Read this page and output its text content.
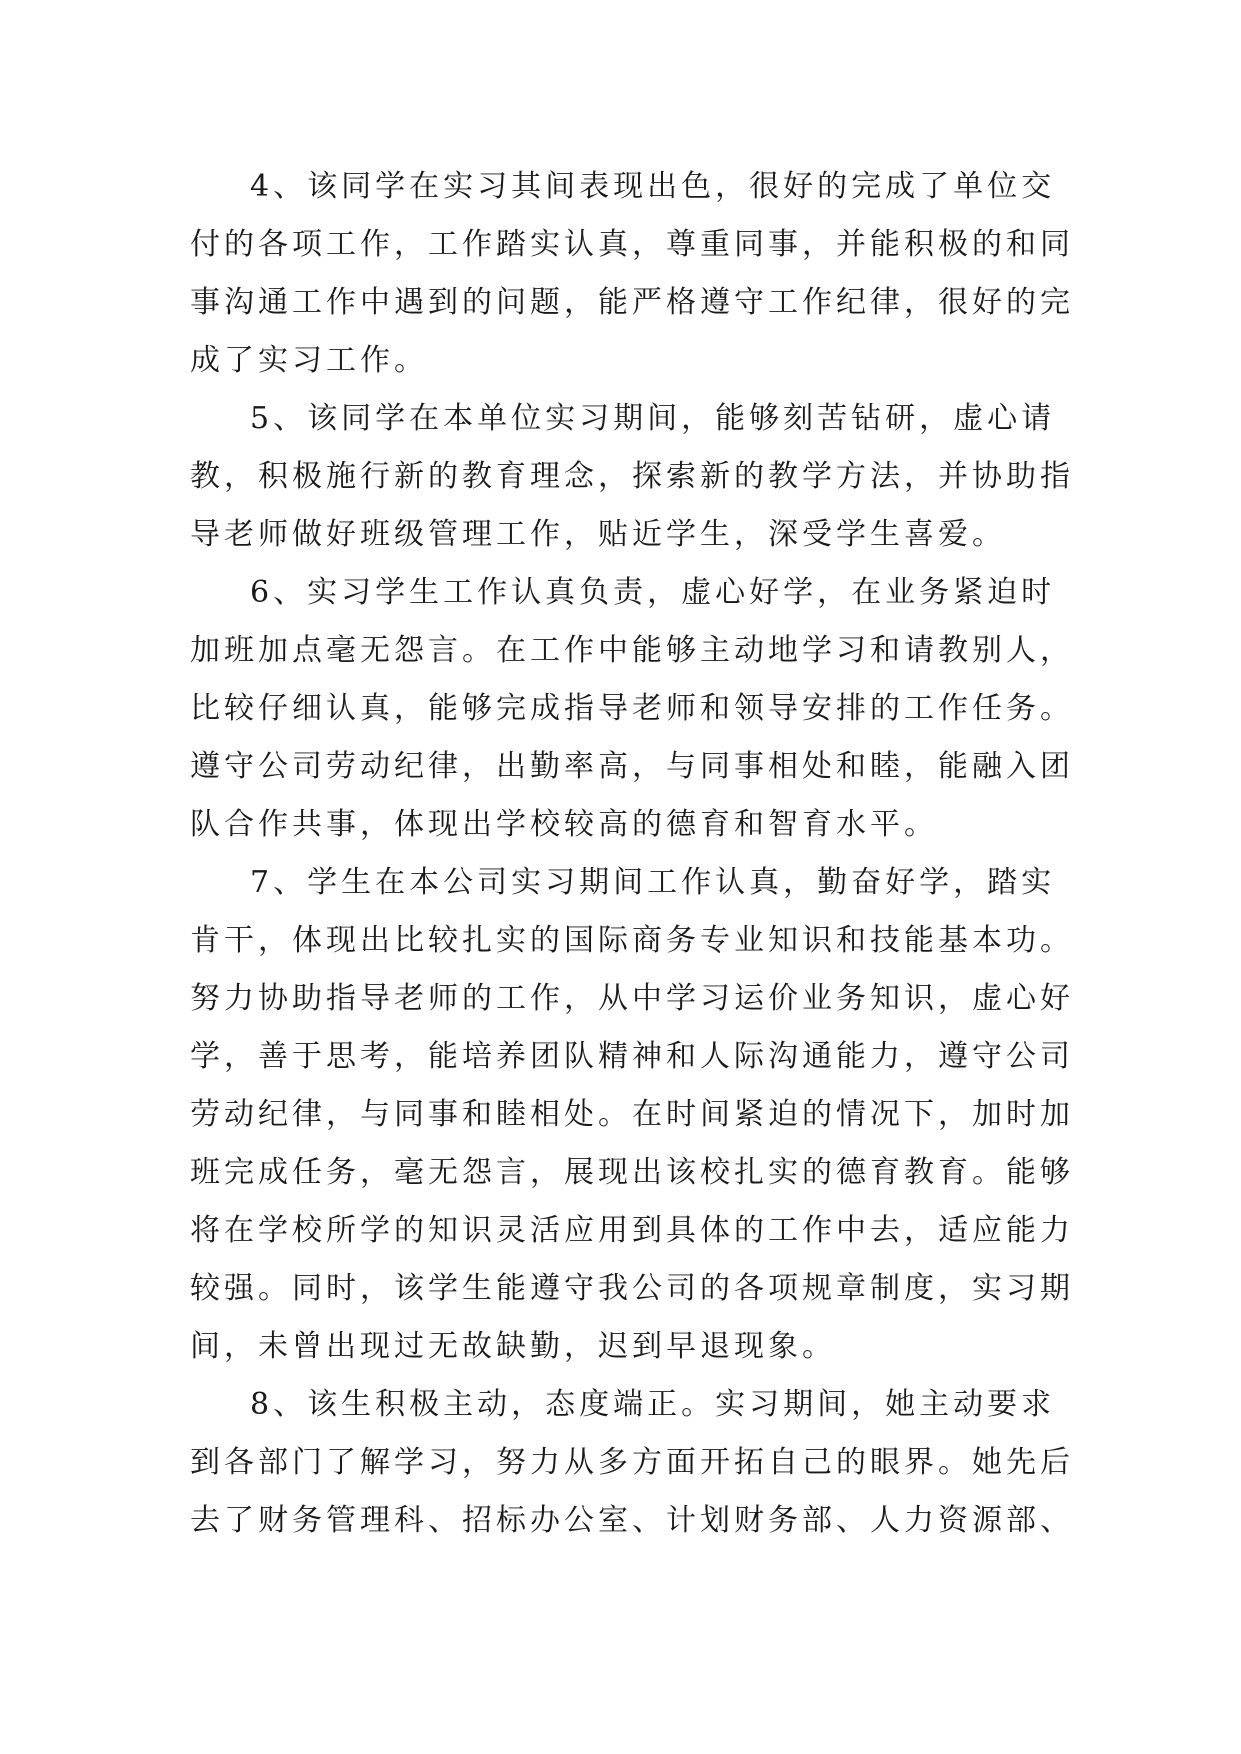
4、该同学在实习其间表现出色，很好的完成了单位交
付的各项工作，工作踏实认真，尊重同事，并能积极的和同
事沟通工作中遇到的问题，能严格遵守工作纪律，很好的完
成了实习工作。
5、该同学在本单位实习期间，能够刻苦钻研，虚心请
教，积极施行新的教育理念，探索新的教学方法，并协助指
导老师做好班级管理工作，贴近学生，深受学生喜爱。
6、实习学生工作认真负责，虚心好学，在业务紧迫时
加班加点毫无怨言。在工作中能够主动地学习和请教别人，
比较仔细认真，能够完成指导老师和领导安排的工作任务。
遵守公司劳动纪律，出勤率高，与同事相处和睦，能融入团
队合作共事，体现出学校较高的德育和智育水平。
7、学生在本公司实习期间工作认真，勤奋好学，踏实
肯干，体现出比较扎实的国际商务专业知识和技能基本功。
努力协助指导老师的工作，从中学习运价业务知识，虚心好
学，善于思考，能培养团队精神和人际沟通能力，遵守公司
劳动纪律，与同事和睦相处。在时间紧迫的情况下，加时加
班完成任务，毫无怨言，展现出该校扎实的德育教育。能够
将在学校所学的知识灵活应用到具体的工作中去，适应能力
较强。同时，该学生能遵守我公司的各项规章制度，实习期
间，未曾出现过无故缺勤，迟到早退现象。
8、该生积极主动，态度端正。实习期间，她主动要求
到各部门了解学习，努力从多方面开拓自己的眼界。她先后
去了财务管理科、招标办公室、计划财务部、人力资源部、
